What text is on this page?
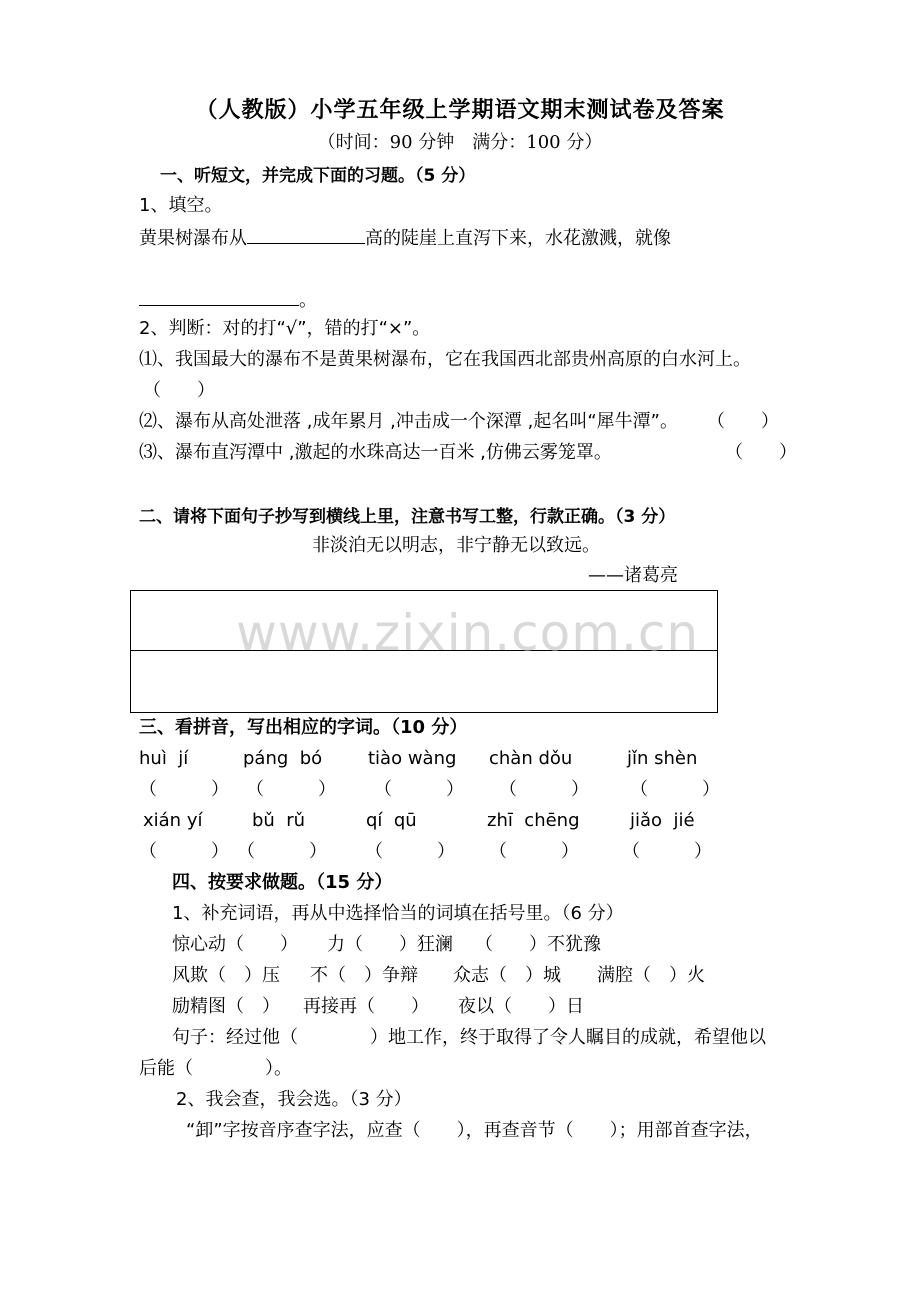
（人教版）小学五年级上学期语文期末测试卷及答案
（时间：90 分钟　满分：100 分）
一、听短文，并完成下面的习题。（5 分）
1、填空。
黄果树瀑布从	高的陡崖上直泻下来，水花激溅，就像
。
2、判断：对的打“√”，错的打“×”。
⑴、我国最大的瀑布不是黄果树瀑布，它在我国西北部贵州高原的白水河上。
（　　）
⑵、瀑布从高处泄落 ,成年累月 ,冲击成一个深潭 ,起名叫“犀牛潭”。 （　　）
⑶、瀑布直泻潭中 ,激起的水珠高达一百米 ,仿佛云雾笼罩。	（　　）
二、请将下面句子抄写到横线上里，注意书写工整，行款正确。（3 分）
非淡泊无以明志，非宁静无以致远。
——诸葛亮
www.zixin.com.cn
三、看拼音，写出相应的字词。（10 分）
huì  jí	páng  bó	tiào wàng chàn dǒu	jǐn shèn
（　　　） （　　　） （　　　） （　　　） （　　　）
xián yí	bǔ  rǔ	qí  qū	zhī  chēng	jiǎo  jié
（　　　） （　　　） （　　　） （　　　） （　　　）
四、按要求做题。（15 分）
1、补充词语，再从中选择恰当的词填在括号里。（6 分）
惊心动（　　） 力（　　）狂澜 （　　）不犹豫
风欺（　）压 不（　）争辩 众志（　）城 满腔（　）火
励精图（　） 再接再（　　） 夜以（　　）日
句子：经过他（　　　　）地工作，终于取得了令人瞩目的成就，希望他以
后能（　　　　）。
2、我会查，我会选。（3 分）
“卸”字按音序查字法，应查（　　），再查音节（　　）；用部首查字法，
